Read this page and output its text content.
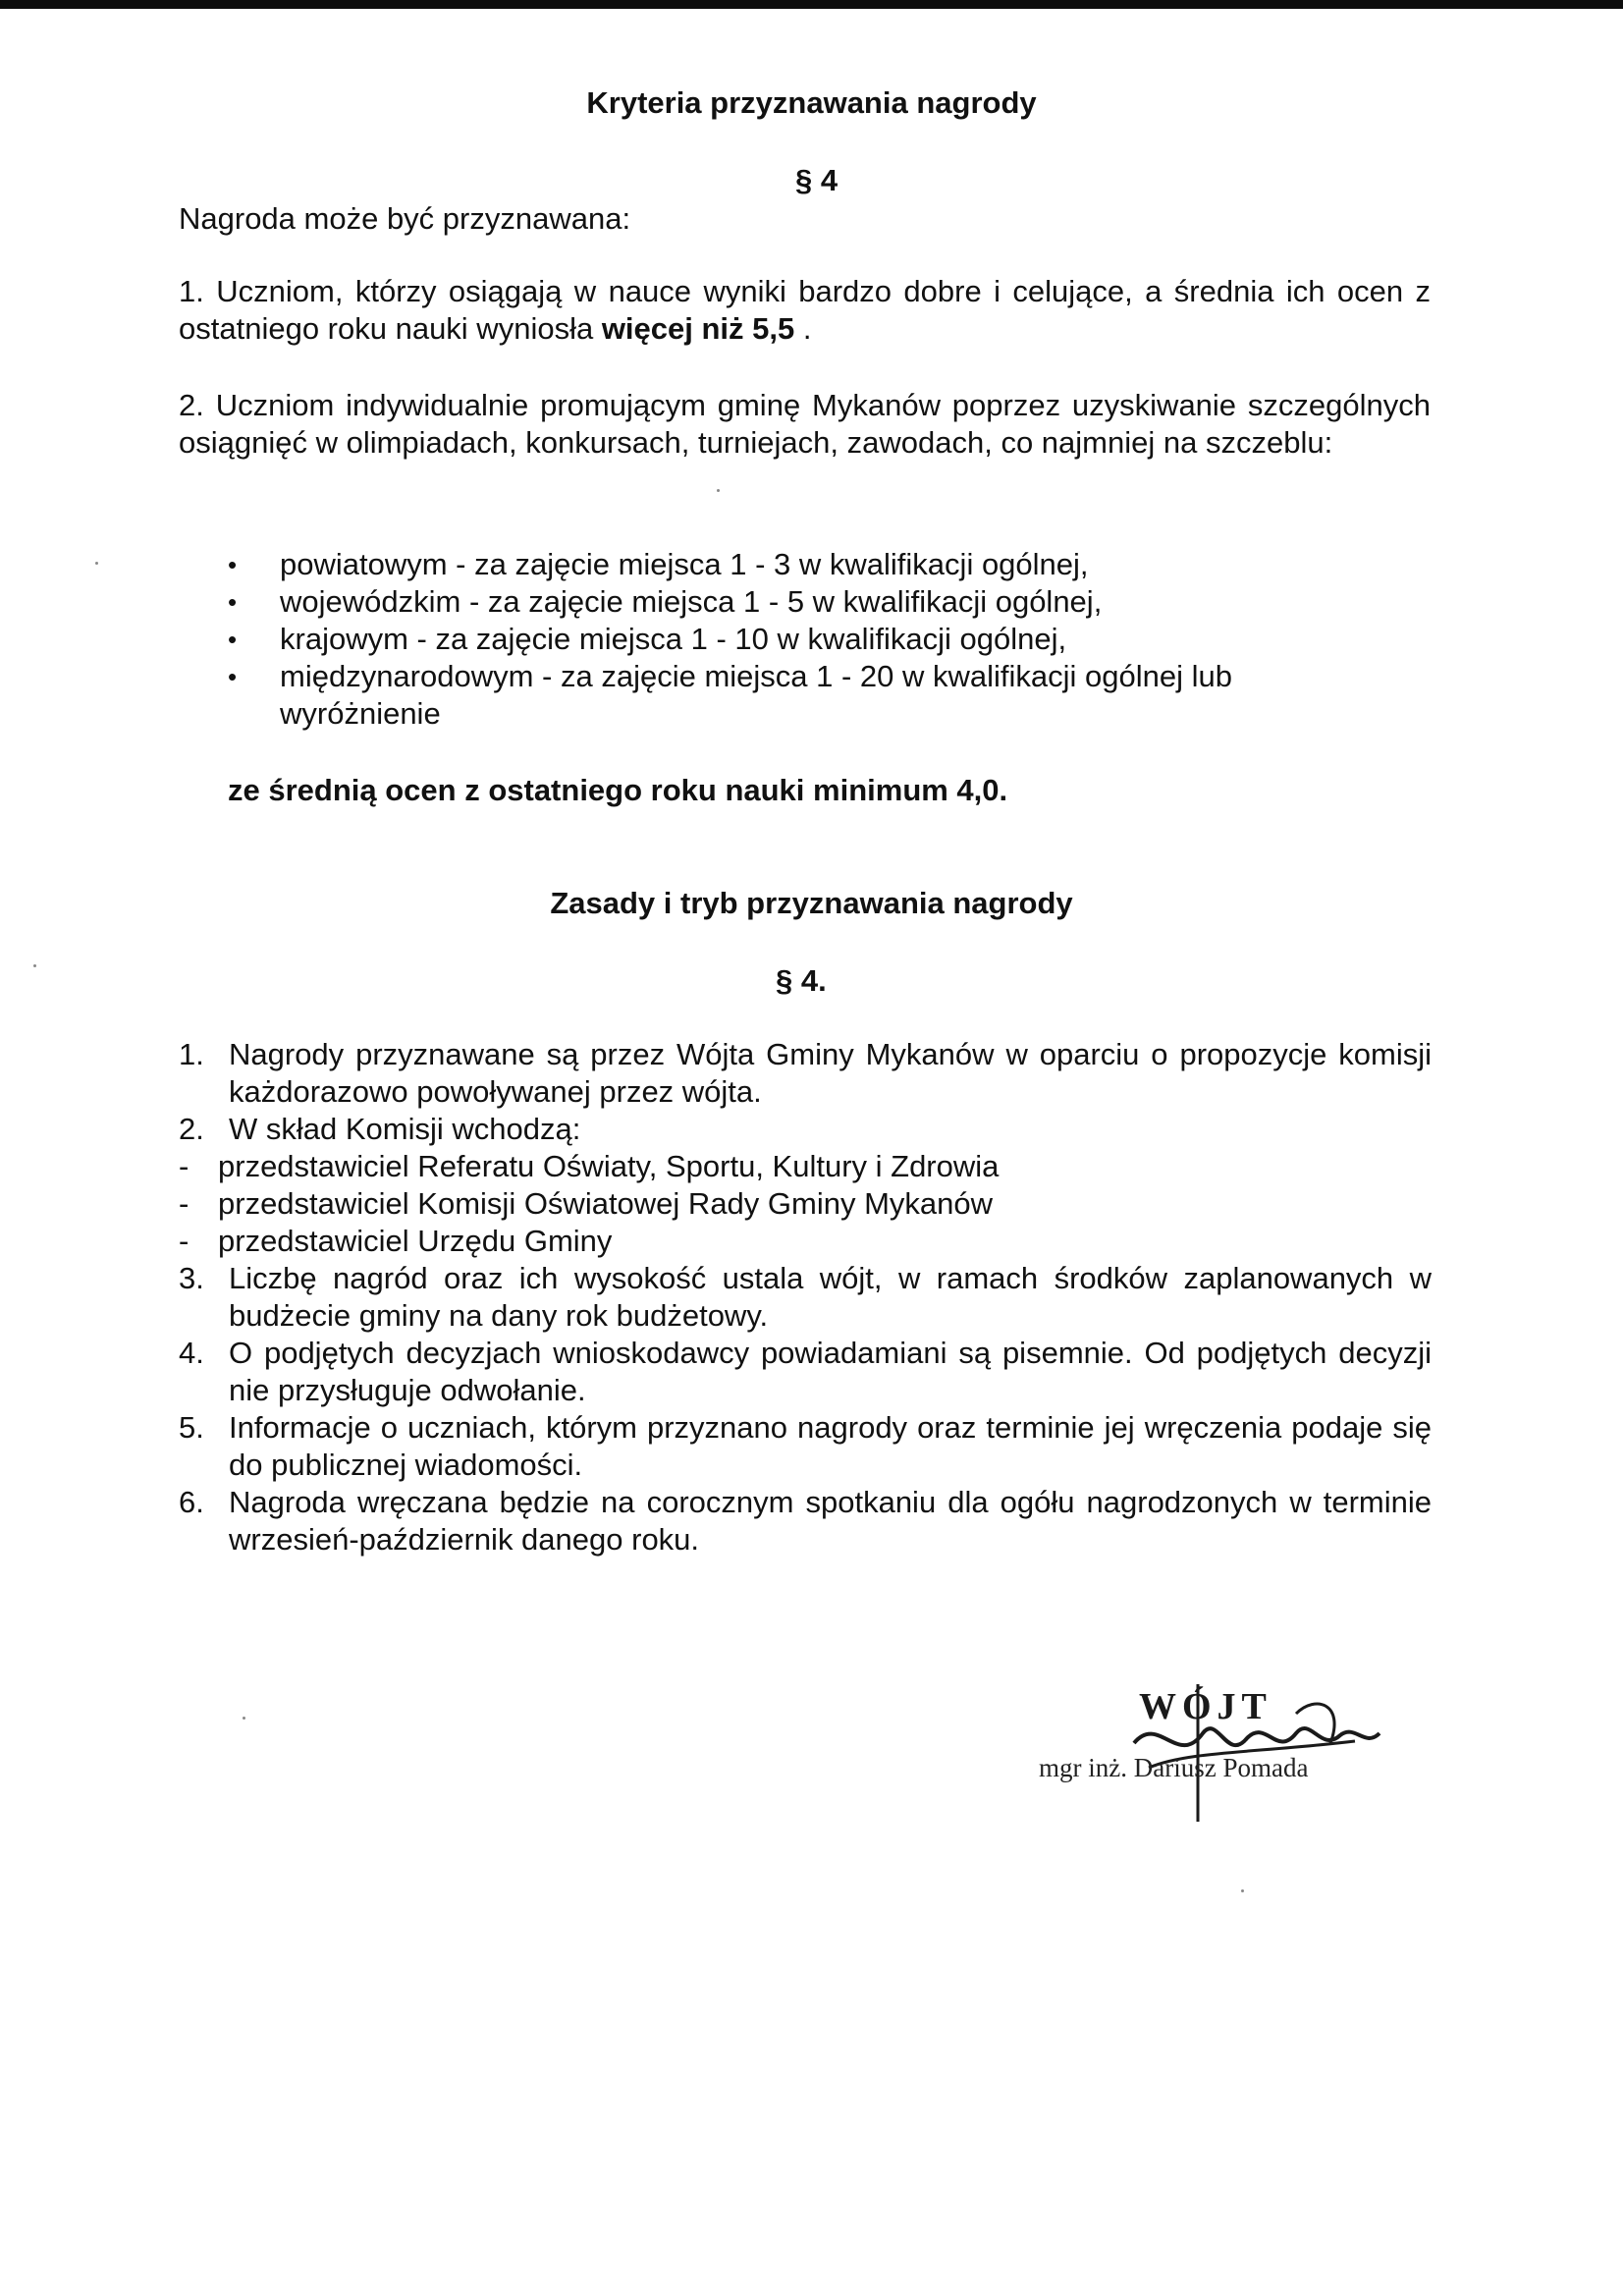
Kryteria przyznawania nagrody
§ 4
Nagroda może być przyznawana:
1. Uczniom, którzy osiągają w nauce wyniki bardzo dobre i celujące, a średnia ich ocen z ostatniego roku nauki wyniosła więcej niż 5,5 .
2. Uczniom indywidualnie promującym gminę Mykanów poprzez uzyskiwanie szczególnych osiągnięć w olimpiadach, konkursach, turniejach, zawodach, co najmniej na szczeblu:
• powiatowym - za zajęcie miejsca 1 - 3 w kwalifikacji ogólnej,
• wojewódzkim - za zajęcie miejsca 1 - 5 w kwalifikacji ogólnej,
• krajowym - za zajęcie miejsca 1 - 10 w kwalifikacji ogólnej,
• międzynarodowym - za zajęcie miejsca 1 - 20 w kwalifikacji ogólnej lub wyróżnienie
ze średnią ocen z ostatniego roku nauki minimum 4,0.
Zasady i tryb przyznawania nagrody
§ 4.
1. Nagrody przyznawane są przez Wójta Gminy Mykanów w oparciu o propozycje komisji każdorazowo powoływanej przez wójta.
2. W skład Komisji wchodzą:
- przedstawiciel Referatu Oświaty, Sportu, Kultury i Zdrowia
- przedstawiciel Komisji Oświatowej Rady Gminy Mykanów
- przedstawiciel Urzędu Gminy
3. Liczbę nagród oraz ich wysokość ustala wójt, w ramach środków zaplanowanych w budżecie gminy na dany rok budżetowy.
4. O podjętych decyzjach wnioskodawcy powiadamiani są pisemnie. Od podjętych decyzji nie przysługuje odwołanie.
5. Informacje o uczniach, którym przyznano nagrody oraz terminie jej wręczenia podaje się do publicznej wiadomości.
6. Nagroda wręczana będzie na corocznym spotkaniu dla ogółu nagrodzonych w terminie wrzesień-październik danego roku.
WÓJT
mgr inż. Dariusz Pomada
